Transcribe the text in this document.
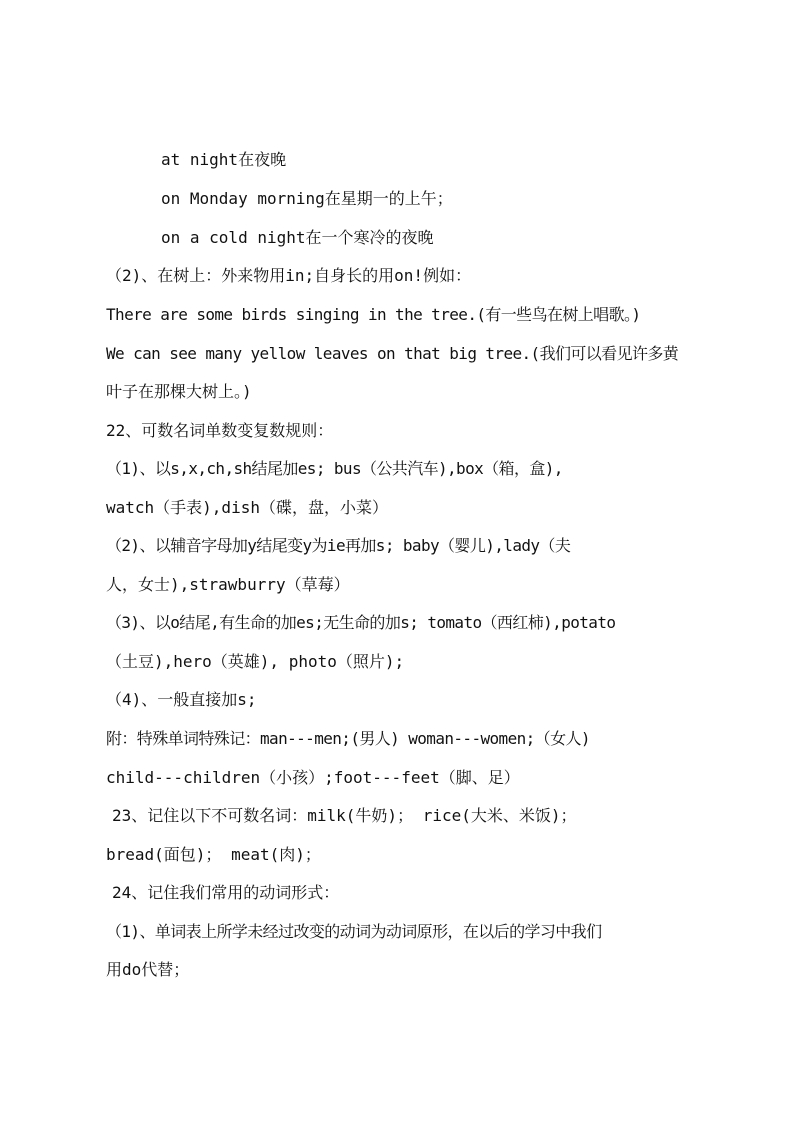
at night在夜晚
on Monday morning在星期一的上午；
on a cold night在一个寒冷的夜晚
（2)、在树上：外来物用in;自身长的用on!例如：
There are some birds singing in the tree.(有一些鸟在树上唱歌。)
We can see many yellow leaves on that big tree.(我们可以看见许多黄
叶子在那棵大树上。)
22、可数名词单数变复数规则：
（1)、以s,x,ch,sh结尾加es; bus（公共汽车),box（箱，盒),
watch（手表),dish（碟，盘，小菜）
（2)、以辅音字母加y结尾变y为ie再加s; baby（婴儿),lady（夫
人，女士),strawburry（草莓）
（3)、以o结尾,有生命的加es;无生命的加s; tomato（西红柿),potato
（土豆),hero（英雄), photo（照片);
（4)、一般直接加s;
附：特殊单词特殊记：man---men;(男人) woman---women;（女人)
child---children（小孩）;foot---feet（脚、足）
23、记住以下不可数名词：milk(牛奶)； rice(大米、米饭)；
bread(面包)； meat(肉)；
24、记住我们常用的动词形式：
（1)、单词表上所学未经过改变的动词为动词原形，在以后的学习中我们
用do代替；
